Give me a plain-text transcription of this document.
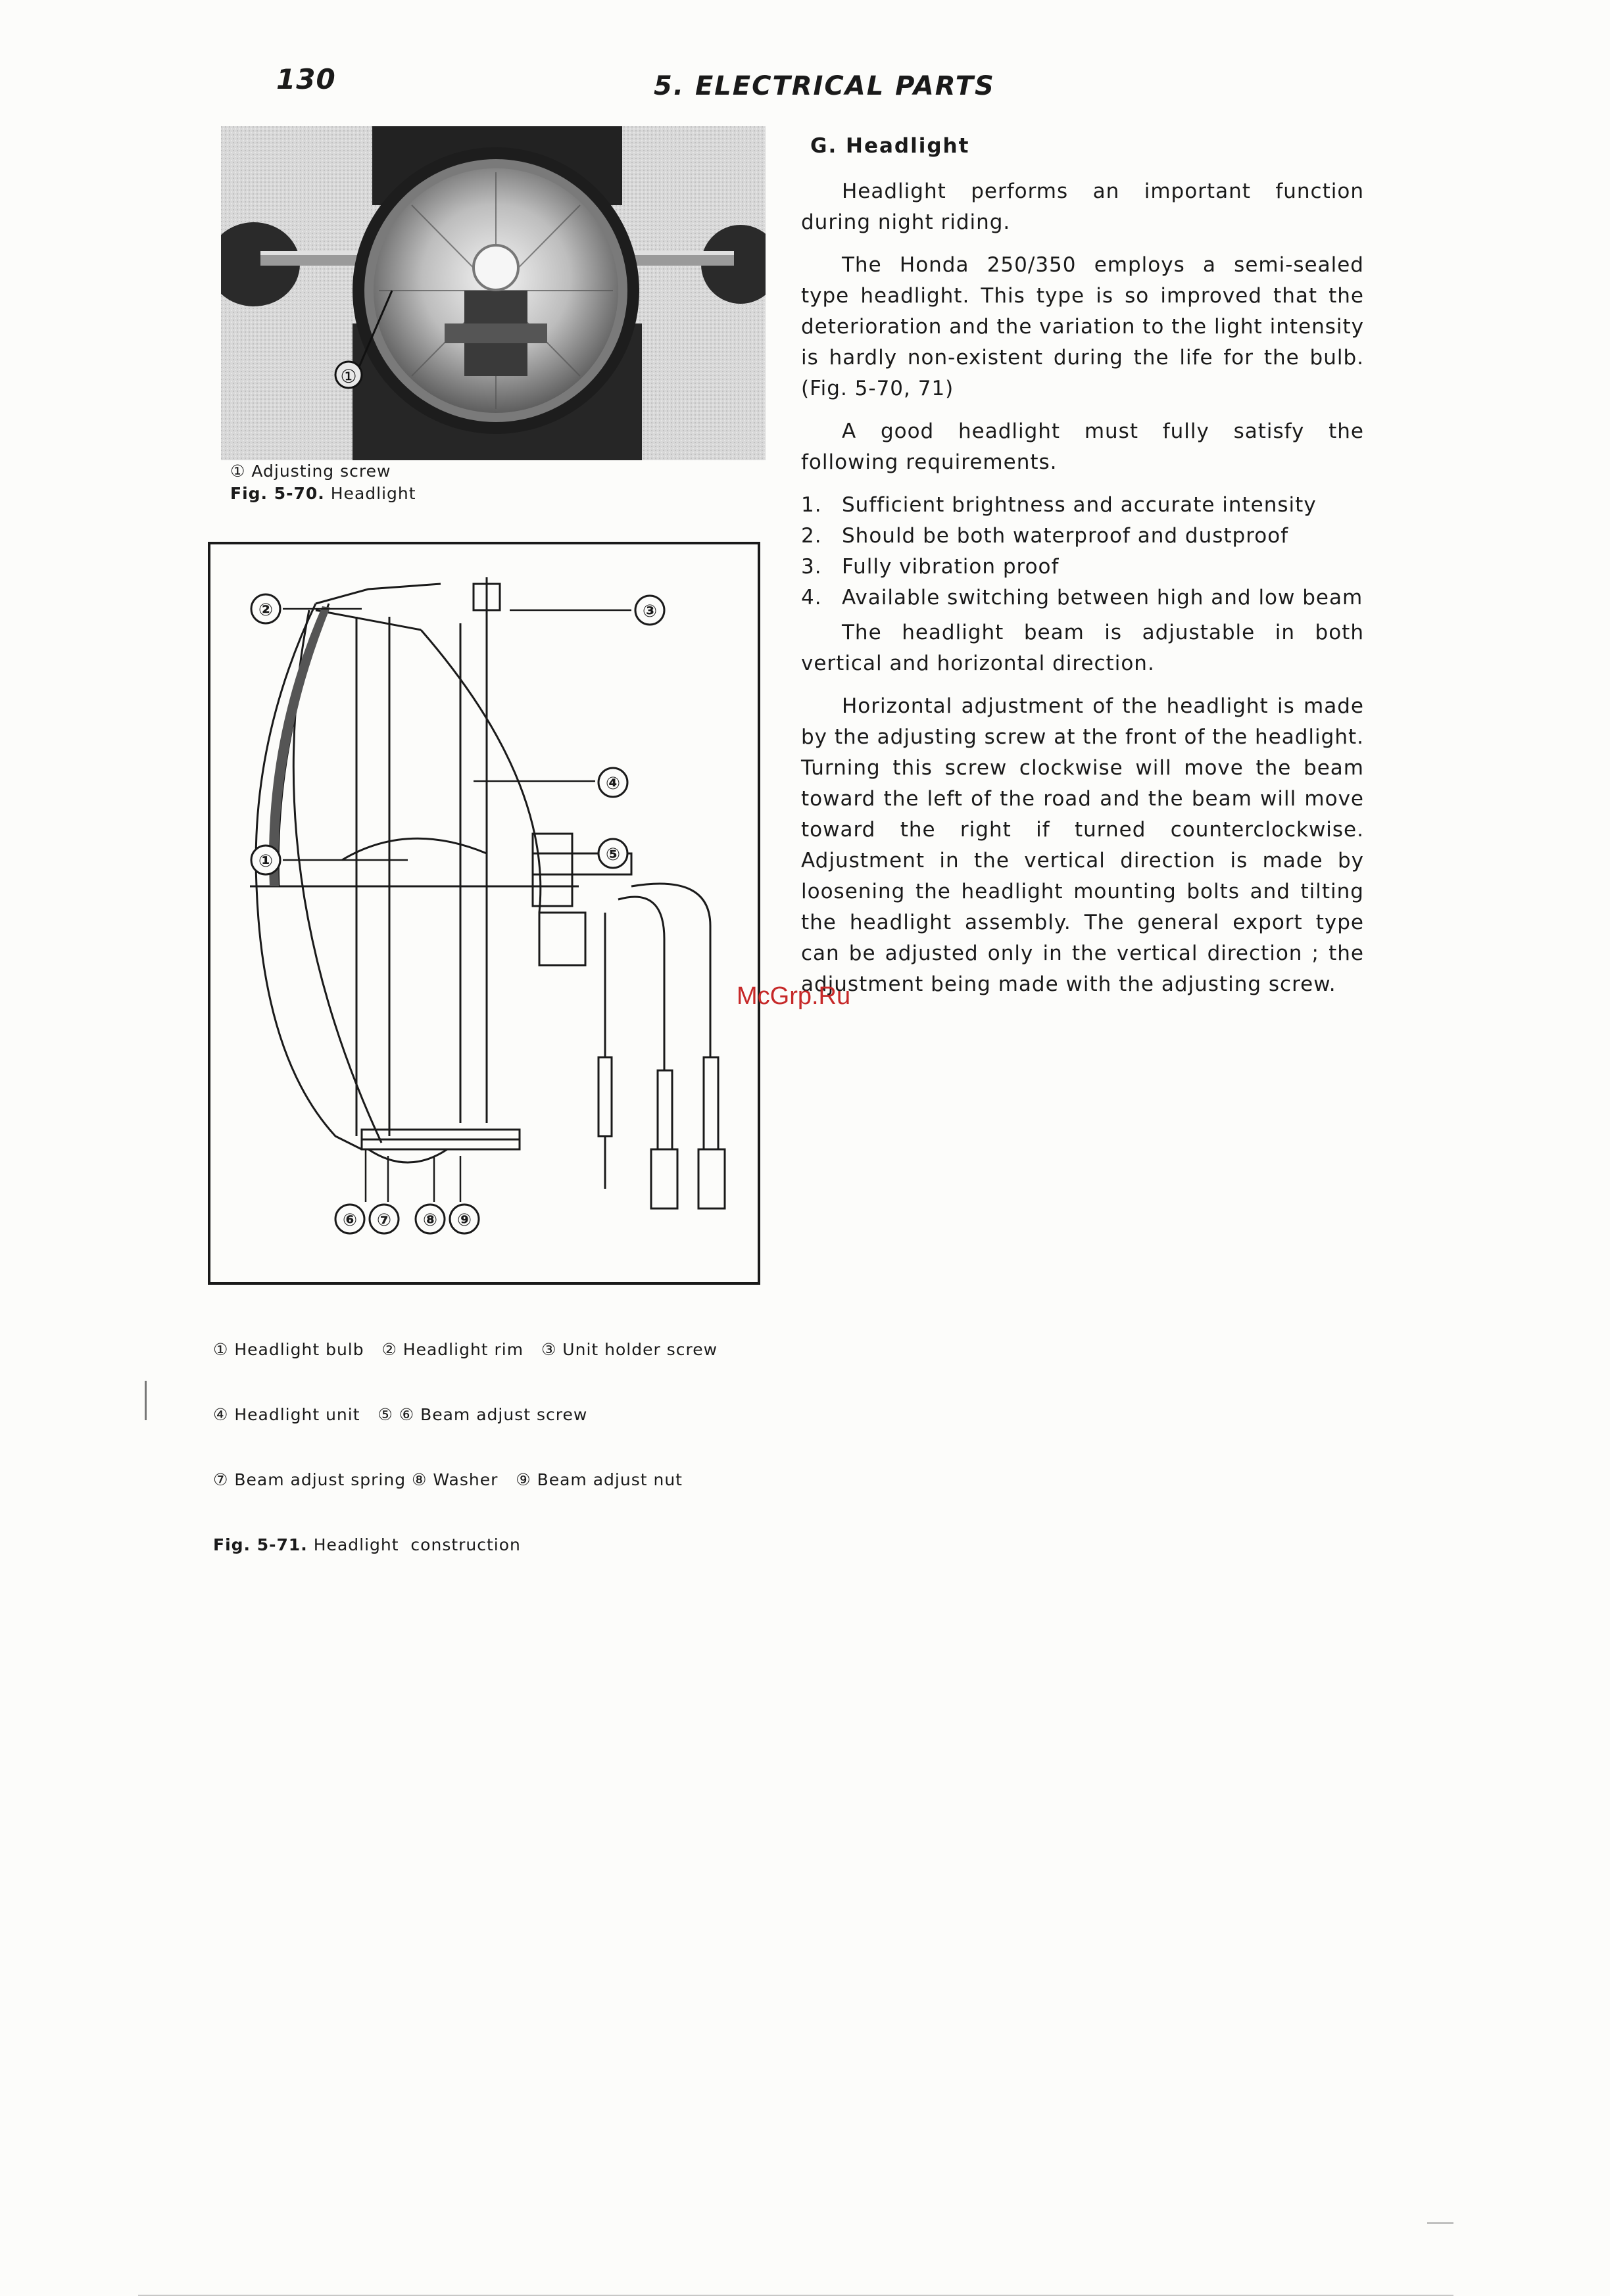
130	5. ELECTRICAL PARTS
①
① Adjusting screw
Fig. 5-70. Headlight
②	③
④
⑤
①
⑥ ⑦ ⑧ ⑨

① Headlight bulb   ② Headlight rim   ③ Unit holder screw

④ Headlight unit   ⑤ ⑥ Beam adjust screw

⑦ Beam adjust spring ⑧ Washer   ⑨ Beam adjust nut

Fig. 5-71. Headlight  construction

G. Headlight

Headlight performs an important function during night riding.

The Honda 250/350 employs a semi-sealed type headlight. This type is so improved that the deterioration and the variation to the light intensity is hardly non-existent during the life for the bulb. (Fig. 5-70, 71)

A good headlight must fully satisfy the following requirements.

1. Sufficient brightness and accurate intensity
2. Should be both waterproof and dustproof
3. Fully vibration proof
4. Available switching between high and low beam

The headlight beam is adjustable in both vertical and horizontal direction.

Horizontal adjustment of the headlight is made by the adjusting screw at the front of the headlight. Turning this screw clockwise will move the beam toward the left of the road and the beam will move toward the right if turned counterclockwise. Adjustment in the vertical direction is made by loosening the headlight mounting bolts and tilting the headlight assembly. The general export type can be adjusted only in the vertical direction ; the adjustment being made with the adjusting screw.

McGrp.Ru
